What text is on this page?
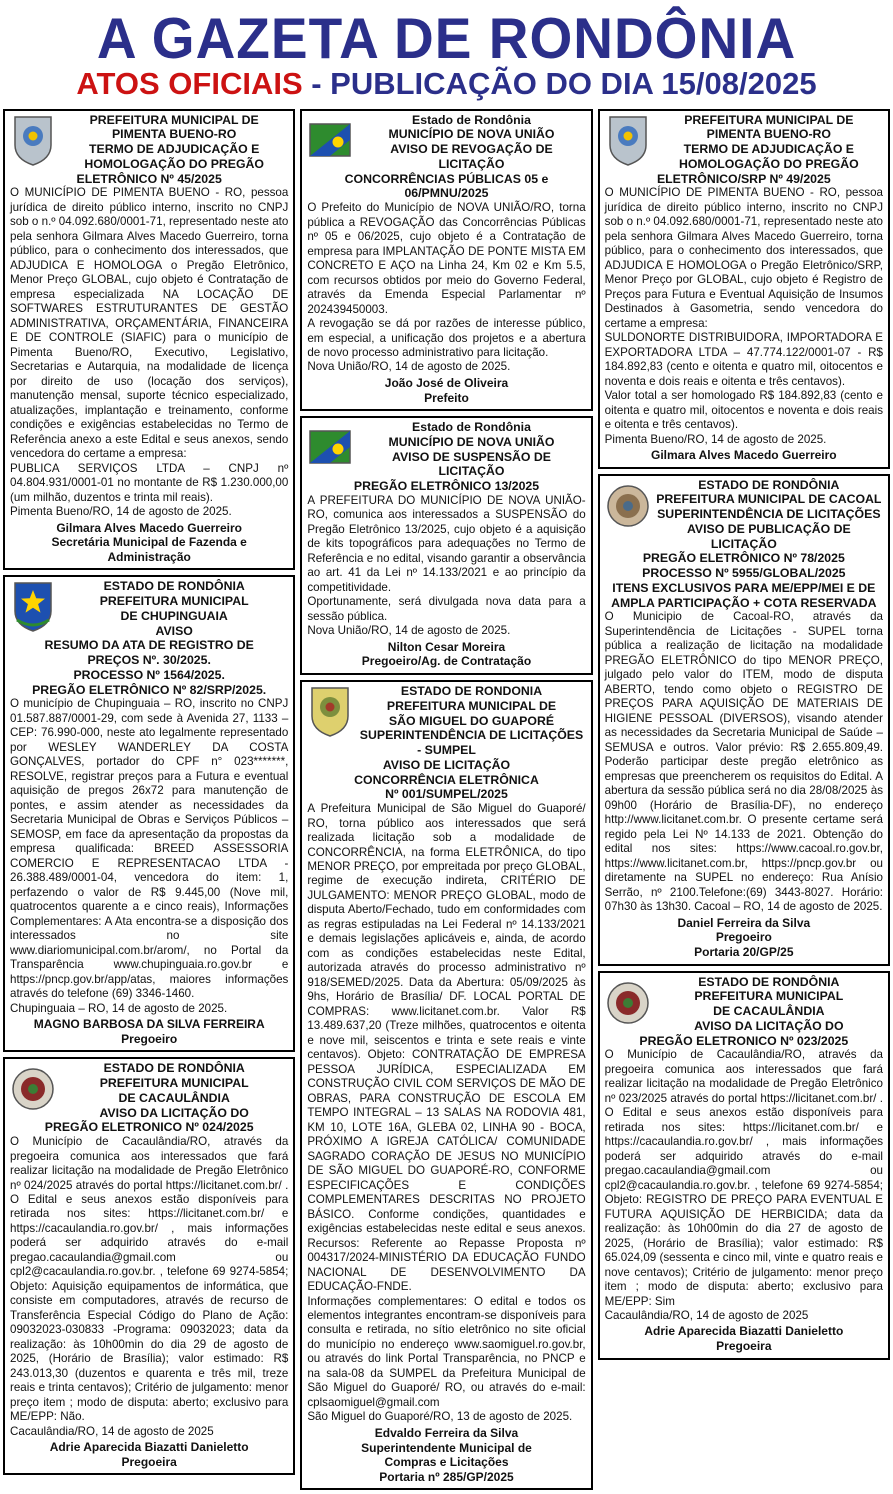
A GAZETA DE RONDÔNIA
ATOS OFICIAIS - PUBLICAÇÃO DO DIA 15/08/2025
PREFEITURA MUNICIPAL DE
PIMENTA BUENO-RO
TERMO DE ADJUDICAÇÃO E
HOMOLOGAÇÃO DO PREGÃO
ELETRÔNICO Nº 45/2025

O MUNICÍPIO DE PIMENTA BUENO - RO, pessoa jurídica de direito público interno, inscrito no CNPJ sob o n.º 04.092.680/0001-71, representado neste ato pela senhora Gilmara Alves Macedo Guerreiro, torna público, para o conhecimento dos interessados, que ADJUDICA E HOMOLOGA o Pregão Eletrônico, Menor Preço GLOBAL, cujo objeto é Contratação de empresa especializada NA LOCAÇÃO DE SOFTWARES ESTRUTURANTES DE GESTÃO ADMINISTRATIVA, ORÇAMENTÁRIA, FINANCEIRA E DE CONTROLE (SIAFIC) para o município de Pimenta Bueno/RO, Executivo, Legislativo, Secretarias e Autarquia, na modalidade de licença por direito de uso (locação dos serviços), manutenção mensal, suporte técnico especializado, atualizações, implantação e treinamento, conforme condições e exigências estabelecidas no Termo de Referência anexo a este Edital e seus anexos, sendo vencedora do certame a empresa:

PUBLICA SERVIÇOS LTDA – CNPJ nº 04.804.931/0001-01 no montante de R$ 1.230.000,00 (um milhão, duzentos e trinta mil reais).

Pimenta Bueno/RO, 14 de agosto de 2025.

Gilmara Alves Macedo Guerreiro
Secretária Municipal de Fazenda e Administração
ESTADO DE RONDÔNIA
PREFEITURA MUNICIPAL
DE CHUPINGUAIA
AVISO
RESUMO DA ATA DE REGISTRO DE
PREÇOS Nº. 30/2025.
PROCESSO Nº 1564/2025.
PREGÃO ELETRÔNICO Nº 82/SRP/2025.

O município de Chupinguaia – RO, inscrito no CNPJ 01.587.887/0001-29, com sede à Avenida 27, 1133 – CEP: 76.990-000, neste ato legalmente representado por WESLEY WANDERLEY DA COSTA GONÇALVES, portador do CPF n° 023*******, RESOLVE, registrar preços para a Futura e eventual aquisição de pregos 26x72 para manutenção de pontes, e assim atender as necessidades da Secretaria Municipal de Obras e Serviços Públicos – SEMOSP, em face da apresentação da propostas da empresa qualificada: BREED ASSESSORIA COMERCIO E REPRESENTACAO LTDA - 26.388.489/0001-04, vencedora do item: 1, perfazendo o valor de R$ 9.445,00 (Nove mil, quatrocentos quarente a e cinco reais), Informações Complementares: A Ata encontra-se a disposição dos interessados no site www.diariomunicipal.com.br/arom/, no Portal da Transparência www.chupinguaia.ro.gov.br e https://pncp.gov.br/app/atas, maiores informações através do telefone (69) 3346-1460.

Chupinguaia – RO, 14 de agosto de 2025.

MAGNO BARBOSA DA SILVA FERREIRA
Pregoeiro
ESTADO DE RONDÔNIA
PREFEITURA MUNICIPAL
DE CACAULÂNDIA
AVISO DA LICITAÇÃO DO
PREGÃO ELETRONICO Nº 024/2025

O Município de Cacaulândia/RO, através da pregoeira comunica aos interessados que fará realizar licitação na modalidade de Pregão Eletrônico nº 024/2025 através do portal https://licitanet.com.br/ . O Edital e seus anexos estão disponíveis para retirada nos sites: https://licitanet.com.br/ e https://cacaulandia.ro.gov.br/ , mais informações poderá ser adquirido através do e-mail pregao.cacaulandia@gmail.com ou cpl2@cacaulandia.ro.gov.br. , telefone 69 9274-5854; Objeto: Aquisição equipamentos de informática, que consiste em computadores, através de recurso de Transferência Especial Código do Plano de Ação: 09032023-030833 -Programa: 09032023; data da realização: às 10h00min do dia 29 de agosto de 2025, (Horário de Brasília); valor estimado: R$ 243.013,30 (duzentos e quarenta e três mil, treze reais e trinta centavos); Critério de julgamento: menor preço item ; modo de disputa: aberto; exclusivo para ME/EPP: Não.

Cacaulândia/RO, 14 de agosto de 2025

Adrie Aparecida Biazatti Danieletto
Pregoeira
Estado de Rondônia
MUNICÍPIO DE NOVA UNIÃO
AVISO DE REVOGAÇÃO DE LICITAÇÃO
CONCORRÊNCIAS PÚBLICAS 05 e 06/PMNU/2025

O Prefeito do Município de NOVA UNIÃO/RO, torna pública a REVOGAÇÃO das Concorrências Públicas nº 05 e 06/2025, cujo objeto é a Contratação de empresa para IMPLANTAÇÃO DE PONTE MISTA EM CONCRETO E AÇO na Linha 24, Km 02 e Km 5.5, com recursos obtidos por meio do Governo Federal, através da Emenda Especial Parlamentar nº 202439450003.

A revogação se dá por razões de interesse público, em especial, a unificação dos projetos e a abertura de novo processo administrativo para licitação.

Nova União/RO, 14 de agosto de 2025.

João José de Oliveira
Prefeito
Estado de Rondônia
MUNICÍPIO DE NOVA UNIÃO
AVISO DE SUSPENSÃO DE LICITAÇÃO
PREGÃO ELETRÔNICO 13/2025

A PREFEITURA DO MUNICÍPIO DE NOVA UNIÃO-RO, comunica aos interessados a SUSPENSÃO do Pregão Eletrônico 13/2025, cujo objeto é a aquisição de kits topográficos para adequações no Termo de Referência e no edital, visando garantir a observância ao art. 41 da Lei nº 14.133/2021 e ao princípio da competitividade.

Oportunamente, será divulgada nova data para a sessão pública.

Nova União/RO, 14 de agosto de 2025.

Nilton Cesar Moreira
Pregoeiro/Ag. de Contratação
ESTADO DE RONDONIA
PREFEITURA MUNICIPAL DE
SÃO MIGUEL DO GUAPORÉ
SUPERINTENDÊNCIA DE LICITAÇÕES - SUMPEL
AVISO DE LICITAÇÃO
CONCORRÊNCIA ELETRÔNICA
Nº 001/SUMPEL/2025

A Prefeitura Municipal de São Miguel do Guaporé/ RO, torna público aos interessados que será realizada licitação sob a modalidade de CONCORRÊNCIA, na forma ELETRÔNICA, do tipo MENOR PREÇO, por empreitada por preço GLOBAL, regime de execução indireta, CRITÉRIO DE JULGAMENTO: MENOR PREÇO GLOBAL, modo de disputa Aberto/Fechado, tudo em conformidades com as regras estipuladas na Lei Federal nº 14.133/2021 e demais legislações aplicáveis e, ainda, de acordo com as condições estabelecidas neste Edital, autorizada através do processo administrativo nº 918/SEMED/2025. Data da Abertura: 05/09/2025 às 9hs, Horário de Brasília/ DF. LOCAL PORTAL DE COMPRAS: www.licitanet.com.br. Valor R$ 13.489.637,20 (Treze milhões, quatrocentos e oitenta e nove mil, seiscentos e trinta e sete reais e vinte centavos). Objeto: CONTRATAÇÃO DE EMPRESA PESSOA JURÍDICA, ESPECIALIZADA EM CONSTRUÇÃO CIVIL COM SERVIÇOS DE MÃO DE OBRAS, PARA CONSTRUÇÃO DE ESCOLA EM TEMPO INTEGRAL – 13 SALAS NA RODOVIA 481, KM 10, LOTE 16A, GLEBA 02, LINHA 90 - BOCA, PRÓXIMO A IGREJA CATÓLICA/ COMUNIDADE SAGRADO CORAÇÃO DE JESUS NO MUNICÍPIO DE SÃO MIGUEL DO GUAPORÉ-RO, CONFORME ESPECIFICAÇÕES E CONDIÇÕES COMPLEMENTARES DESCRITAS NO PROJETO BÁSICO. Conforme condições, quantidades e exigências estabelecidas neste edital e seus anexos. Recursos: Referente ao Repasse Proposta nº 004317/2024-MINISTÉRIO DA EDUCAÇÃO FUNDO NACIONAL DE DESENVOLVIMENTO DA EDUCAÇÃO-FNDE.

Informações complementares: O edital e todos os elementos integrantes encontram-se disponíveis para consulta e retirada, no sítio eletrônico no site oficial do município no endereço www.saomiguel.ro.gov.br, ou através do link Portal Transparência, no PNCP e na sala-08 da SUMPEL da Prefeitura Municipal de São Miguel do Guaporé/ RO, ou através do e-mail: cplsaomiguel@gmail.com

São Miguel do Guaporé/RO, 13 de agosto de 2025.

Edvaldo Ferreira da Silva
Superintendente Municipal de
Compras e Licitações
Portaria nº 285/GP/2025
PREFEITURA MUNICIPAL DE
PIMENTA BUENO-RO
TERMO DE ADJUDICAÇÃO E
HOMOLOGAÇÃO DO PREGÃO
ELETRÔNICO/SRP Nº 49/2025

O MUNICÍPIO DE PIMENTA BUENO - RO, pessoa jurídica de direito público interno, inscrito no CNPJ sob o n.º 04.092.680/0001-71, representado neste ato pela senhora Gilmara Alves Macedo Guerreiro, torna público, para o conhecimento dos interessados, que ADJUDICA E HOMOLOGA o Pregão Eletrônico/SRP, Menor Preço por GLOBAL, cujo objeto é Registro de Preços para Futura e Eventual Aquisição de Insumos Destinados à Gasometria, sendo vencedora do certame a empresa:

SULDONORTE DISTRIBUIDORA, IMPORTADORA E EXPORTADORA LTDA – 47.774.122/0001-07 - R$ 184.892,83 (cento e oitenta e quatro mil, oitocentos e noventa e dois reais e oitenta e três centavos).

Valor total a ser homologado R$ 184.892,83 (cento e oitenta e quatro mil, oitocentos e noventa e dois reais e oitenta e três centavos).

Pimenta Bueno/RO, 14 de agosto de 2025.

Gilmara Alves Macedo Guerreiro
ESTADO DE RONDÔNIA
PREFEITURA MUNICIPAL DE CACOAL
SUPERINTENDÊNCIA DE LICITAÇÕES
AVISO DE PUBLICAÇÃO DE LICITAÇÃO
PREGÃO ELETRÔNICO Nº 78/2025
PROCESSO Nº 5955/GLOBAL/2025
ITENS EXCLUSIVOS PARA ME/EPP/MEI E DE AMPLA PARTICIPAÇÃO + COTA RESERVADA

O Municipio de Cacoal-RO, através da Superintendência de Licitações - SUPEL torna pública a realização de licitação na modalidade PREGÃO ELETRÔNICO do tipo MENOR PREÇO, julgado pelo valor do ITEM, modo de disputa ABERTO, tendo como objeto o REGISTRO DE PREÇOS PARA AQUISIÇÃO DE MATERIAIS DE HIGIENE PESSOAL (DIVERSOS), visando atender as necessidades da Secretaria Municipal de Saúde – SEMUSA e outros. Valor prévio: R$ 2.655.809,49. Poderão participar deste pregão eletrônico as empresas que preencherem os requisitos do Edital. A abertura da sessão pública será no dia 28/08/2025 às 09h00 (Horário de Brasília-DF), no endereço http://www.licitanet.com.br. O presente certame será regido pela Lei Nº 14.133 de 2021. Obtenção do edital nos sites: https://www.cacoal.ro.gov.br, https://www.licitanet.com.br, https://pncp.gov.br ou diretamente na SUPEL no endereço: Rua Anísio Serrão, nº 2100.Telefone:(69) 3443-8027. Horário: 07h30 às 13h30. Cacoal – RO, 14 de agosto de 2025.

Daniel Ferreira da Silva
Pregoeiro
Portaria 20/GP/25
ESTADO DE RONDÔNIA
PREFEITURA MUNICIPAL
DE CACAULÂNDIA
AVISO DA LICITAÇÃO DO
PREGÃO ELETRONICO Nº 023/2025

O Município de Cacaulândia/RO, através da pregoeira comunica aos interessados que fará realizar licitação na modalidade de Pregão Eletrônico nº 023/2025 através do portal https://licitanet.com.br/ . O Edital e seus anexos estão disponíveis para retirada nos sites: https://licitanet.com.br/ e https://cacaulandia.ro.gov.br/ , mais informações poderá ser adquirido através do e-mail pregao.cacaulandia@gmail.com ou cpl2@cacaulandia.ro.gov.br. , telefone 69 9274-5854; Objeto: REGISTRO DE PREÇO PARA EVENTUAL E FUTURA AQUISIÇÃO DE HERBICIDA; data da realização: às 10h00min do dia 27 de agosto de 2025, (Horário de Brasília); valor estimado: R$ 65.024,09 (sessenta e cinco mil, vinte e quatro reais e nove centavos); Critério de julgamento: menor preço item ; modo de disputa: aberto; exclusivo para ME/EPP: Sim

Cacaulândia/RO, 14 de agosto de 2025

Adrie Aparecida Biazatti Danieletto
Pregoeira
